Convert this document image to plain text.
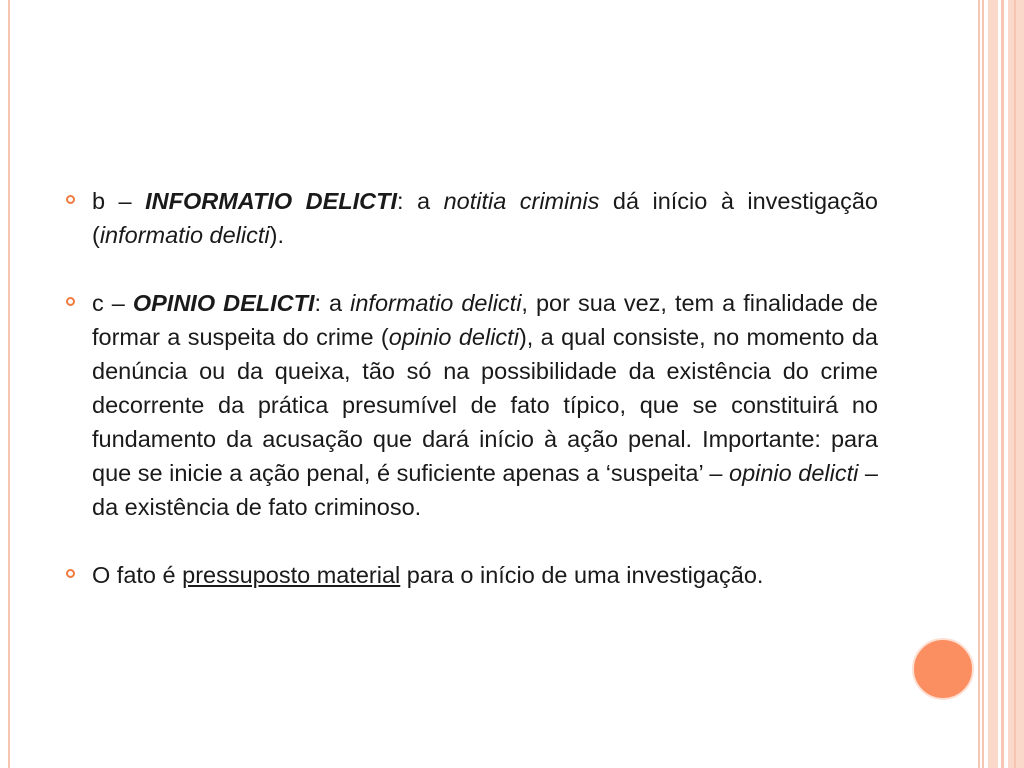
b – INFORMATIO DELICTI: a notitia criminis dá início à investigação (informatio delicti).
c – OPINIO DELICTI: a informatio delicti, por sua vez, tem a finalidade de formar a suspeita do crime (opinio delicti), a qual consiste, no momento da denúncia ou da queixa, tão só na possibilidade da existência do crime decorrente da prática presumível de fato típico, que se constituirá no fundamento da acusação que dará início à ação penal. Importante: para que se inicie a ação penal, é suficiente apenas a ‘suspeita’ – opinio delicti – da existência de fato criminoso.
O fato é pressuposto material para o início de uma investigação.
